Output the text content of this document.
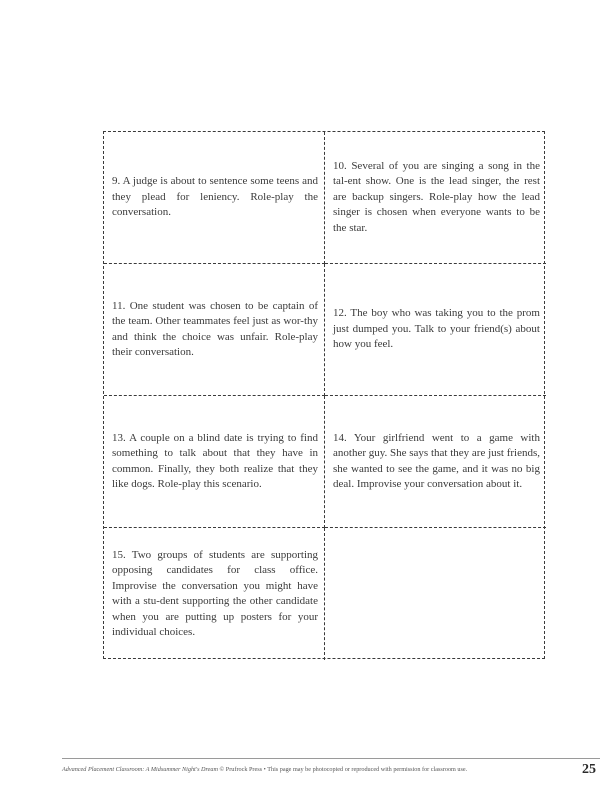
9. A judge is about to sentence some teens and they plead for leniency. Role-play the conversation.

10. Several of you are singing a song in the tal-ent show. One is the lead singer, the rest are backup singers. Role-play how the lead singer is chosen when everyone wants to be the star.

11. One student was chosen to be captain of the team. Other teammates feel just as wor-thy and think the choice was unfair. Role-play their conversation.

12. The boy who was taking you to the prom just dumped you. Talk to your friend(s) about how you feel.

13. A couple on a blind date is trying to find something to talk about that they have in common. Finally, they both realize that they like dogs. Role-play this scenario.

14. Your girlfriend went to a game with another guy. She says that they are just friends, she wanted to see the game, and it was no big deal. Improvise your conversation about it.

15. Two groups of students are supporting opposing candidates for class office. Improvise the conversation you might have with a stu-dent supporting the other candidate when you are putting up posters for your individual choices.

Advanced Placement Classroom: A Midsummer Night's Dream © Prufrock Press • This page may be photocopied or reproduced with permission for classroom use.	25
